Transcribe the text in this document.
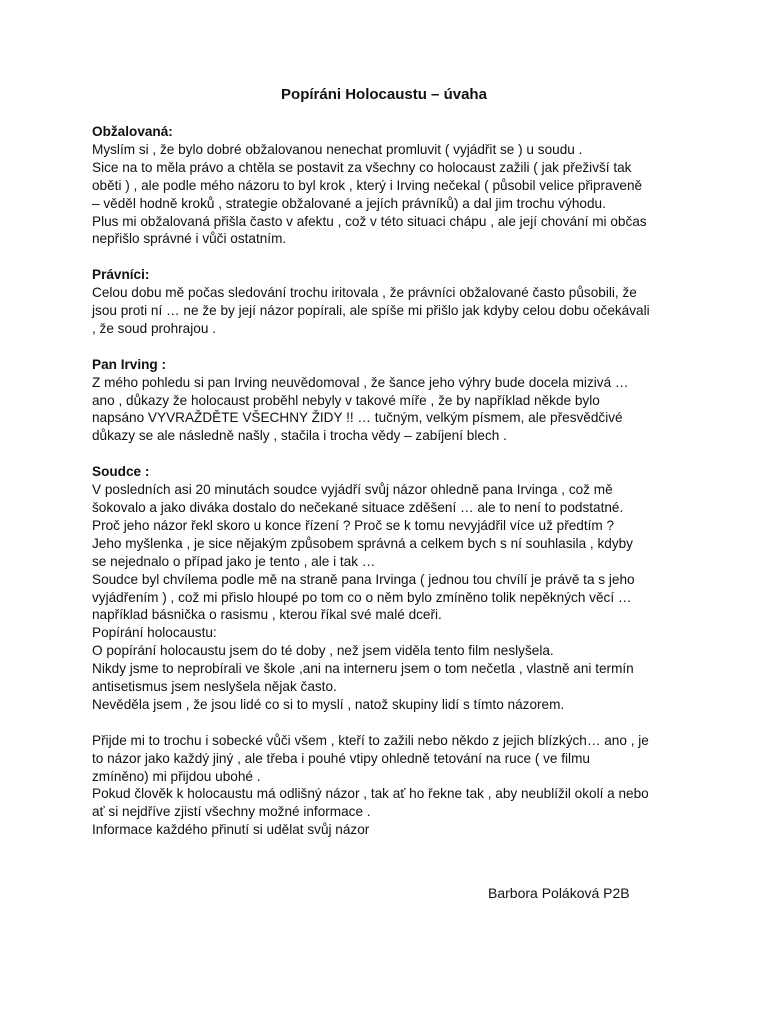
Popíráni Holocaustu – úvaha
Obžalovaná:
Myslím si , že bylo dobré obžalovanou nenechat promluvit ( vyjádřit se ) u soudu .
Sice na to měla právo a chtěla se postavit za všechny co holocaust zažili ( jak přeživší tak
oběti ) , ale podle mého názoru to byl krok , který i Irving nečekal ( působil velice připraveně
– věděl hodně kroků , strategie obžalované a jejích právníků) a dal jim trochu výhodu.
Plus mi obžalovaná přišla často v afektu , což v této situaci chápu , ale její chování mi občas
nepřišlo správné i vůči ostatním.
Právníci:
Celou dobu mě počas sledování trochu iritovala , že právníci obžalované často působili, že
jsou proti ní … ne že by její názor popírali, ale spíše mi přišlo jak kdyby celou dobu očekávali
, že soud prohrajou .
Pan Irving :
Z mého pohledu si pan Irving neuvědomoval , že šance jeho výhry bude docela mizivá …
ano , důkazy že holocaust proběhl nebyly v takové míře , že by například někde bylo
napsáno VYVRAŽDĚTE VŠECHNY ŽIDY !! … tučným, velkým písmem, ale přesvědčivé
důkazy se ale následně našly , stačila i trocha vědy – zabíjení blech .
Soudce :
V posledních asi 20 minutách soudce vyjádří svůj názor ohledně pana Irvinga , což mě
šokovalo a jako diváka dostalo do nečekané situace zděšení … ale to není to podstatné.
Proč jeho názor řekl skoro u konce řízení ? Proč se k tomu nevyjádřil více už předtím ?
Jeho myšlenka , je sice nějakým způsobem správná a celkem bych s ní souhlasila , kdyby
se nejednalo o případ jako je tento , ale i tak …
Soudce byl chvílema podle mě na straně pana Irvinga ( jednou tou chvílí je právě ta s jeho
vyjádřením ) , což mi přislo hloupé po tom co o něm bylo zmíněno tolik nepěkných věcí …
například básnička o rasismu , kterou říkal své malé dceři.
Popírání holocaustu:
O popírání holocaustu jsem do té doby , než jsem viděla tento film neslyšela.
Nikdy jsme to neprobírali ve škole ,ani na interneru jsem o tom nečetla , vlastně ani termín
antisetismus jsem neslyšela nějak často.
Nevěděla jsem , že jsou lidé co si to myslí , natož skupiny lidí s tímto názorem.
Přijde mi to trochu i sobecké vůči všem , kteří to zažili nebo někdo z jejich blízkých… ano , je
to názor jako každý jiný , ale třeba i pouhé vtipy ohledně tetování na ruce ( ve filmu
zmíněno) mi přijdou ubohé .
Pokud člověk k holocaustu má odlišný názor , tak ať ho řekne tak , aby neublížil okolí a nebo
ať si nejdříve zjistí všechny možné informace .
Informace každého přinutí si udělat svůj názor
Barbora Poláková P2B
